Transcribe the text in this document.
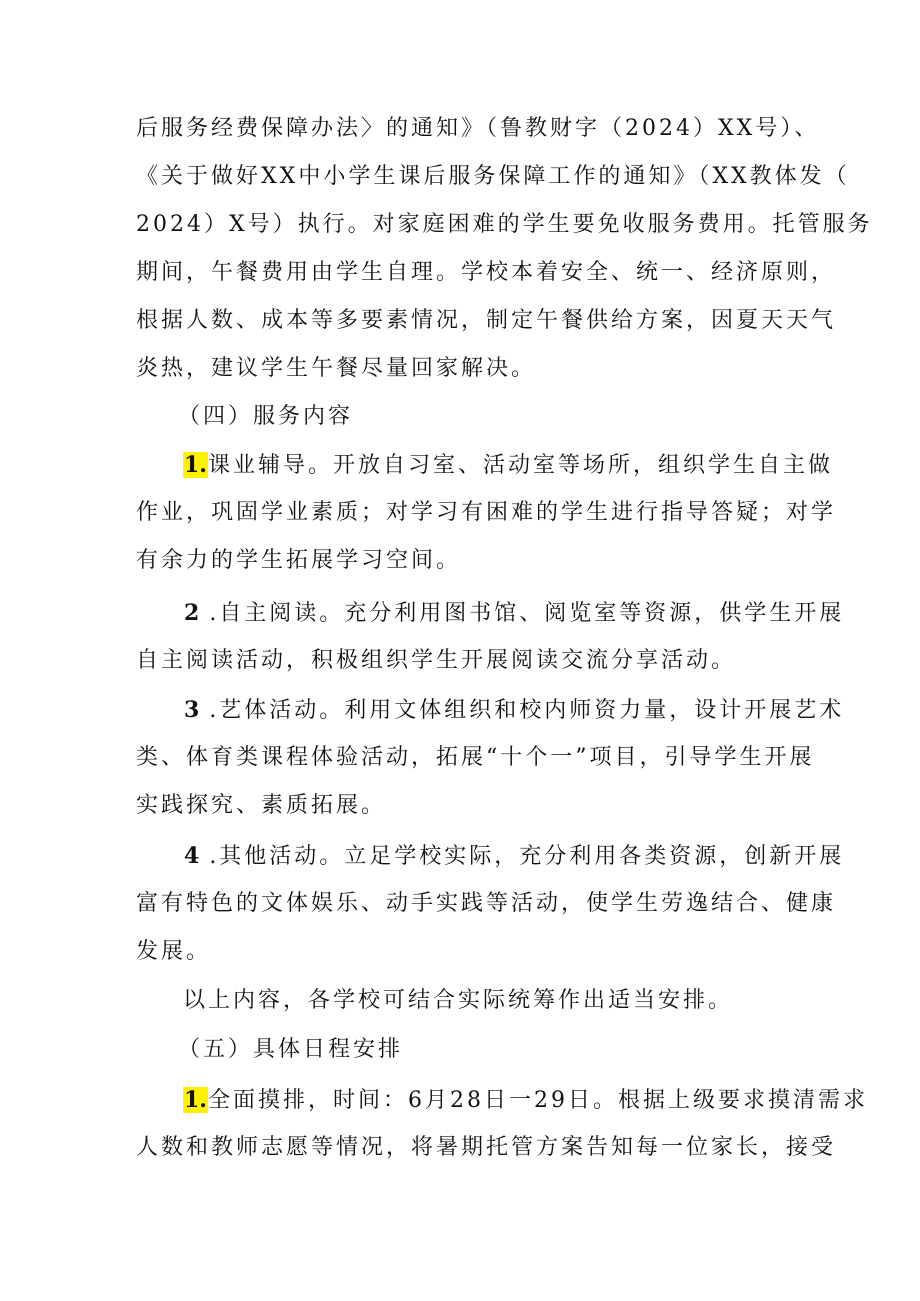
后服务经费保障办法〉的通知》（鲁教财字（2024）XX号）、
《关于做好XX中小学生课后服务保障工作的通知》（XX教体发（
2024）X号）执行。对家庭困难的学生要免收服务费用。托管服务
期间，午餐费用由学生自理。学校本着安全、统一、经济原则，
根据人数、成本等多要素情况，制定午餐供给方案，因夏天天气
炎热，建议学生午餐尽量回家解决。
（四）服务内容
1.课业辅导。开放自习室、活动室等场所，组织学生自主做
作业，巩固学业素质；对学习有困难的学生进行指导答疑；对学
有余力的学生拓展学习空间。
2 .自主阅读。充分利用图书馆、阅览室等资源，供学生开展
自主阅读活动，积极组织学生开展阅读交流分享活动。
3 .艺体活动。利用文体组织和校内师资力量，设计开展艺术
类、体育类课程体验活动，拓展“十个一”项目，引导学生开展
实践探究、素质拓展。
4 .其他活动。立足学校实际，充分利用各类资源，创新开展
富有特色的文体娱乐、动手实践等活动，使学生劳逸结合、健康
发展。
以上内容，各学校可结合实际统筹作出适当安排。
（五）具体日程安排
1.全面摸排，时间：6月28日一29日。根据上级要求摸清需求
人数和教师志愿等情况，将暑期托管方案告知每一位家长，接受
